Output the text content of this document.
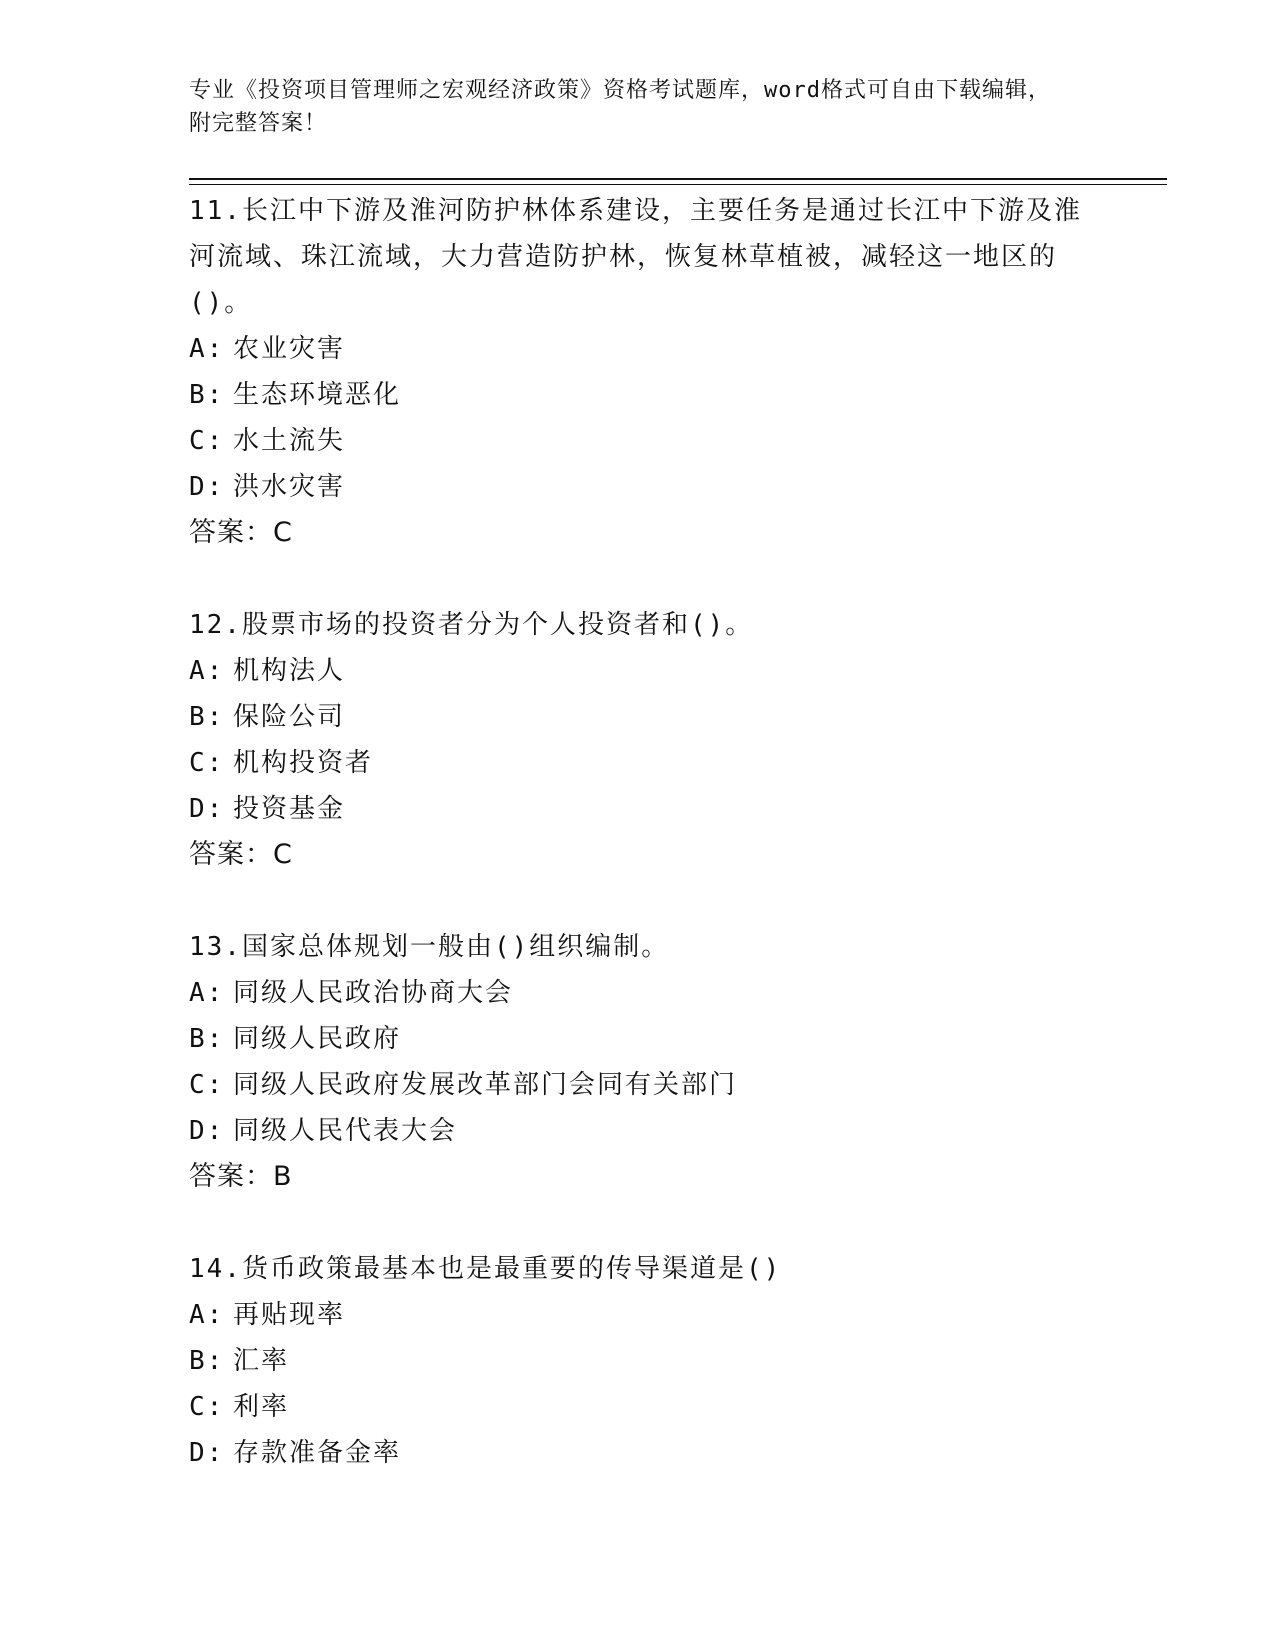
专业《投资项目管理师之宏观经济政策》资格考试题库，word格式可自由下载编辑，附完整答案！
11.长江中下游及淮河防护林体系建设，主要任务是通过长江中下游及淮河流域、珠江流域，大力营造防护林，恢复林草植被，减轻这一地区的()。
A: 农业灾害
B: 生态环境恶化
C: 水土流失
D: 洪水灾害
答案：C
12.股票市场的投资者分为个人投资者和()。
A: 机构法人
B: 保险公司
C: 机构投资者
D: 投资基金
答案：C
13.国家总体规划一般由()组织编制。
A: 同级人民政治协商大会
B: 同级人民政府
C: 同级人民政府发展改革部门会同有关部门
D: 同级人民代表大会
答案：B
14.货币政策最基本也是最重要的传导渠道是()
A: 再贴现率
B: 汇率
C: 利率
D: 存款准备金率
